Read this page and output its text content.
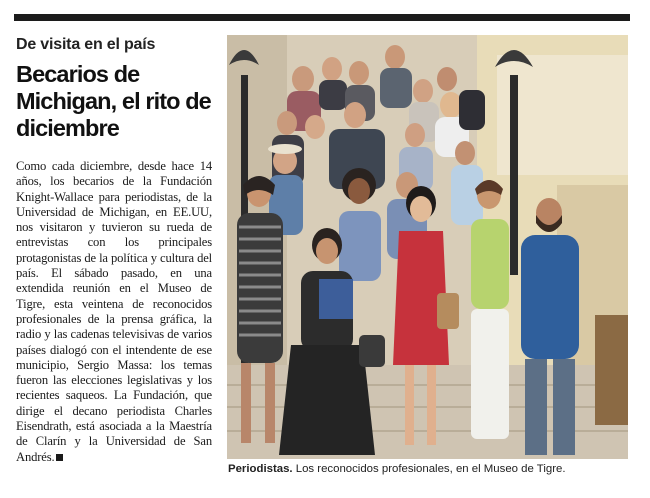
De visita en el país
Becarios de Michigan, el rito de diciembre
Como cada diciembre, desde hace 14 años, los becarios de la Fundación Knight-Wallace para periodistas, de la Universidad de Michigan, en EE.UU, nos visitaron y tuvieron su rueda de entrevistas con los principales protagonistas de la política y cultura del país. El sábado pasado, en una extendida reunión en el Museo de Tigre, esta veintena de reconocidos profesionales de la prensa gráfica, la radio y las cadenas televisivas de varios países dialogó con el intendente de ese municipio, Sergio Massa: los temas fueron las elecciones legislativas y los recientes saqueos. La Fundación, que dirige el decano periodista Charles Eisendrath, está asociada a la Maestría de Clarín y la Universidad de San Andrés.
Periodistas. Los reconocidos profesionales, en el Museo de Tigre.
